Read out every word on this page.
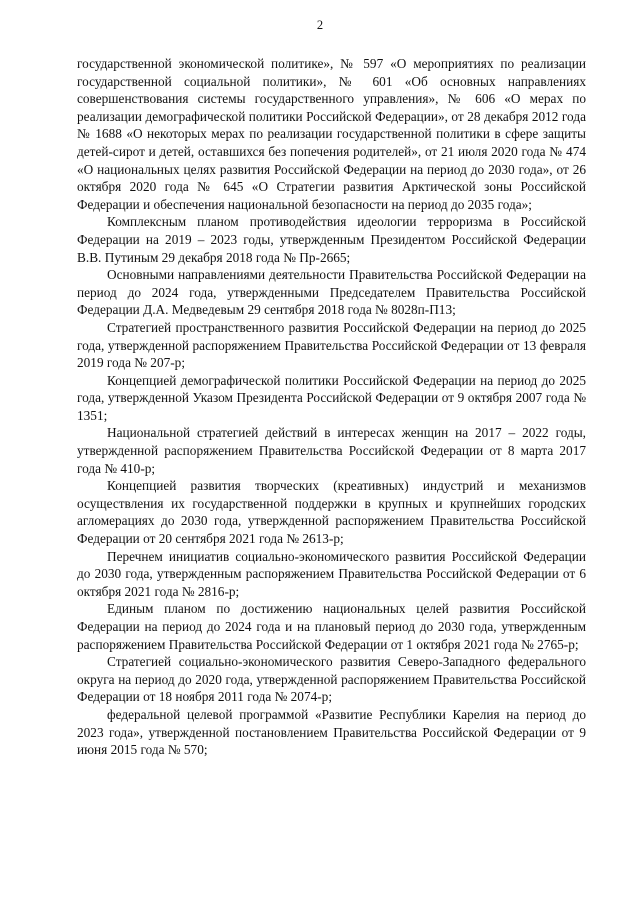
2

государственной экономической политике», № 597 «О мероприятиях по реализации государственной социальной политики», № 601 «Об основных направлениях совершенствования системы государственного управления», № 606 «О мерах по реализации демографической политики Российской Федерации», от 28 декабря 2012 года № 1688 «О некоторых мерах по реализации государственной политики в сфере защиты детей-сирот и детей, оставшихся без попечения родителей», от 21 июля 2020 года № 474 «О национальных целях развития Российской Федерации на период до 2030 года», от 26 октября 2020 года № 645 «О Стратегии развития Арктической зоны Российской Федерации и обеспечения национальной безопасности на период до 2035 года»;

Комплексным планом противодействия идеологии терроризма в Российской Федерации на 2019 – 2023 годы, утвержденным Президентом Российской Федерации В.В. Путиным 29 декабря 2018 года № Пр-2665;

Основными направлениями деятельности Правительства Российской Федерации на период до 2024 года, утвержденными Председателем Правительства Российской Федерации Д.А. Медведевым 29 сентября 2018 года № 8028п-П13;

Стратегией пространственного развития Российской Федерации на период до 2025 года, утвержденной распоряжением Правительства Российской Федерации от 13 февраля 2019 года № 207-р;

Концепцией демографической политики Российской Федерации на период до 2025 года, утвержденной Указом Президента Российской Федерации от 9 октября 2007 года № 1351;

Национальной стратегией действий в интересах женщин на 2017 – 2022 годы, утвержденной распоряжением Правительства Российской Федерации от 8 марта 2017 года № 410-р;

Концепцией развития творческих (креативных) индустрий и механизмов осуществления их государственной поддержки в крупных и крупнейших городских агломерациях до 2030 года, утвержденной распоряжением Правительства Российской Федерации от 20 сентября 2021 года № 2613-р;

Перечнем инициатив социально-экономического развития Российской Федерации до 2030 года, утвержденным распоряжением Правительства Российской Федерации от 6 октября 2021 года № 2816-р;

Единым планом по достижению национальных целей развития Российской Федерации на период до 2024 года и на плановый период до 2030 года, утвержденным распоряжением Правительства Российской Федерации от 1 октября 2021 года № 2765-р;

Стратегией социально-экономического развития Северо-Западного федерального округа на период до 2020 года, утвержденной распоряжением Правительства Российской Федерации от 18 ноября 2011 года № 2074-р;

федеральной целевой программой «Развитие Республики Карелия на период до 2023 года», утвержденной постановлением Правительства Российской Федерации от 9 июня 2015 года № 570;
